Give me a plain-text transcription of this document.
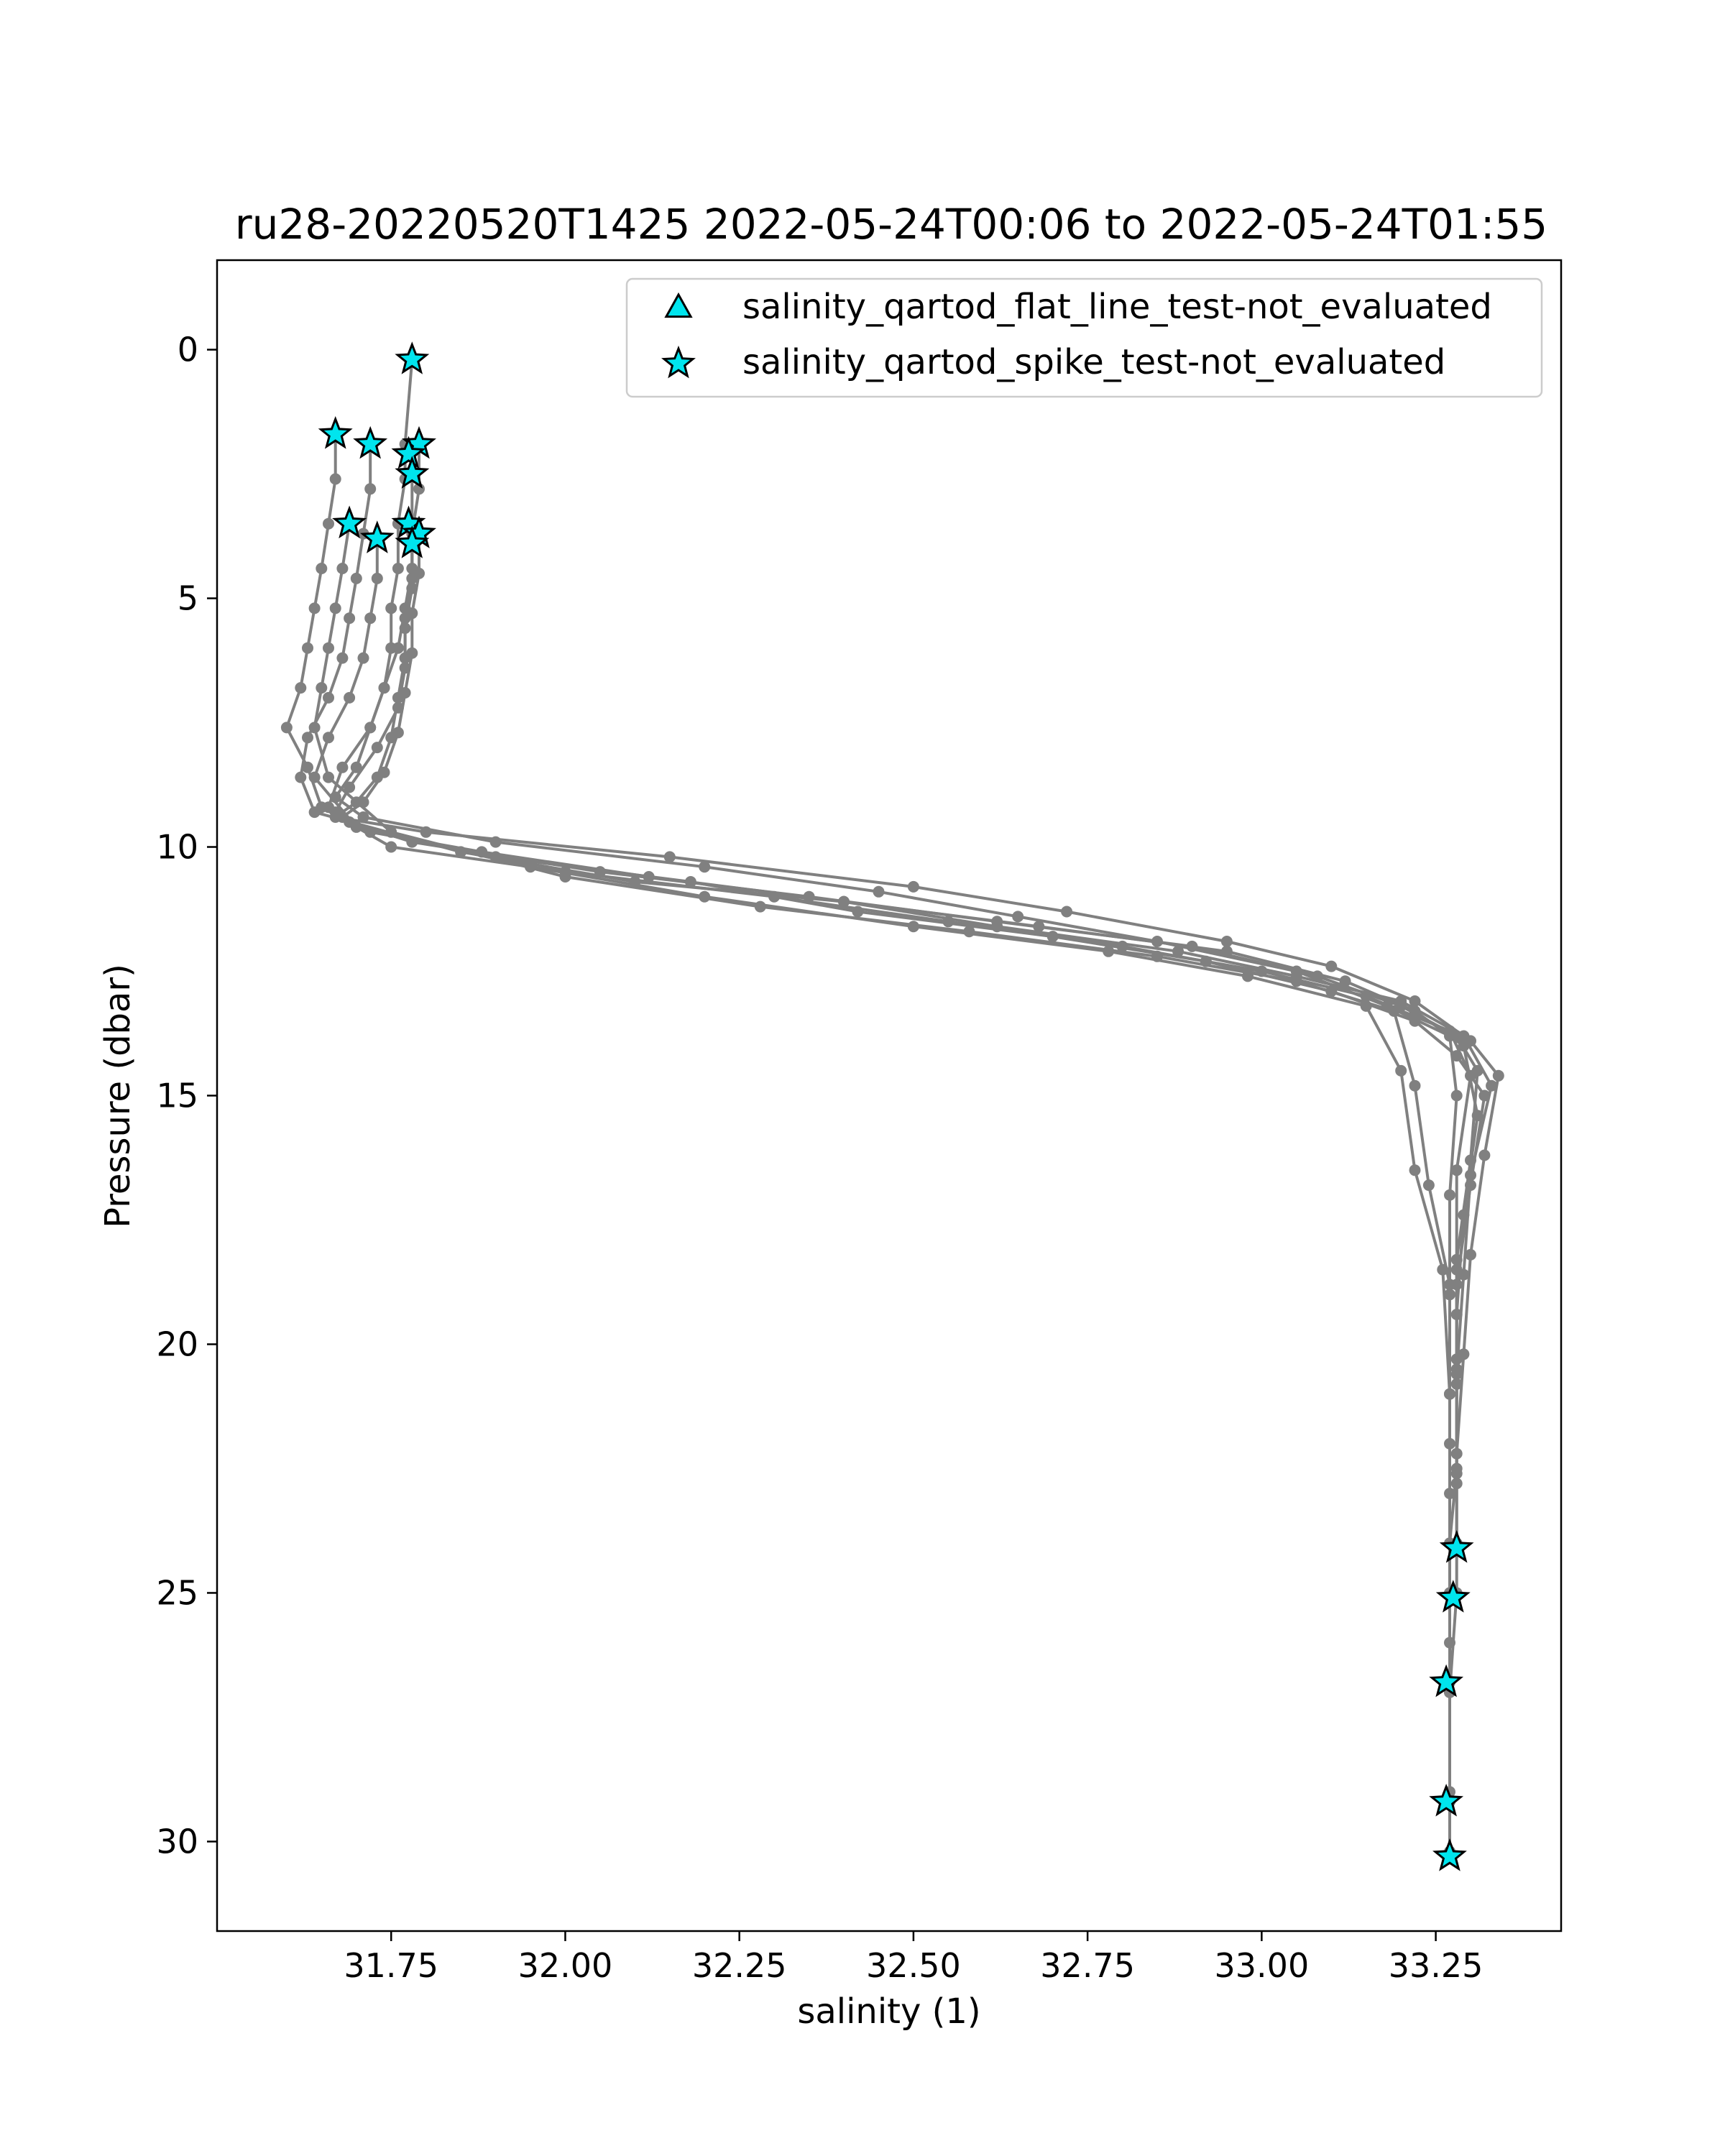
ru28-20220520T1425 2022-05-24T00:06 to 2022-05-24T01:55
31.75 32.00 32.25 32.50 32.75 33.00 33.25
0
5
10
15
20
25
30
salinity (1)
Pressure (dbar)
salinity_qartod_flat_line_test-not_evaluated
salinity_qartod_spike_test-not_evaluated
